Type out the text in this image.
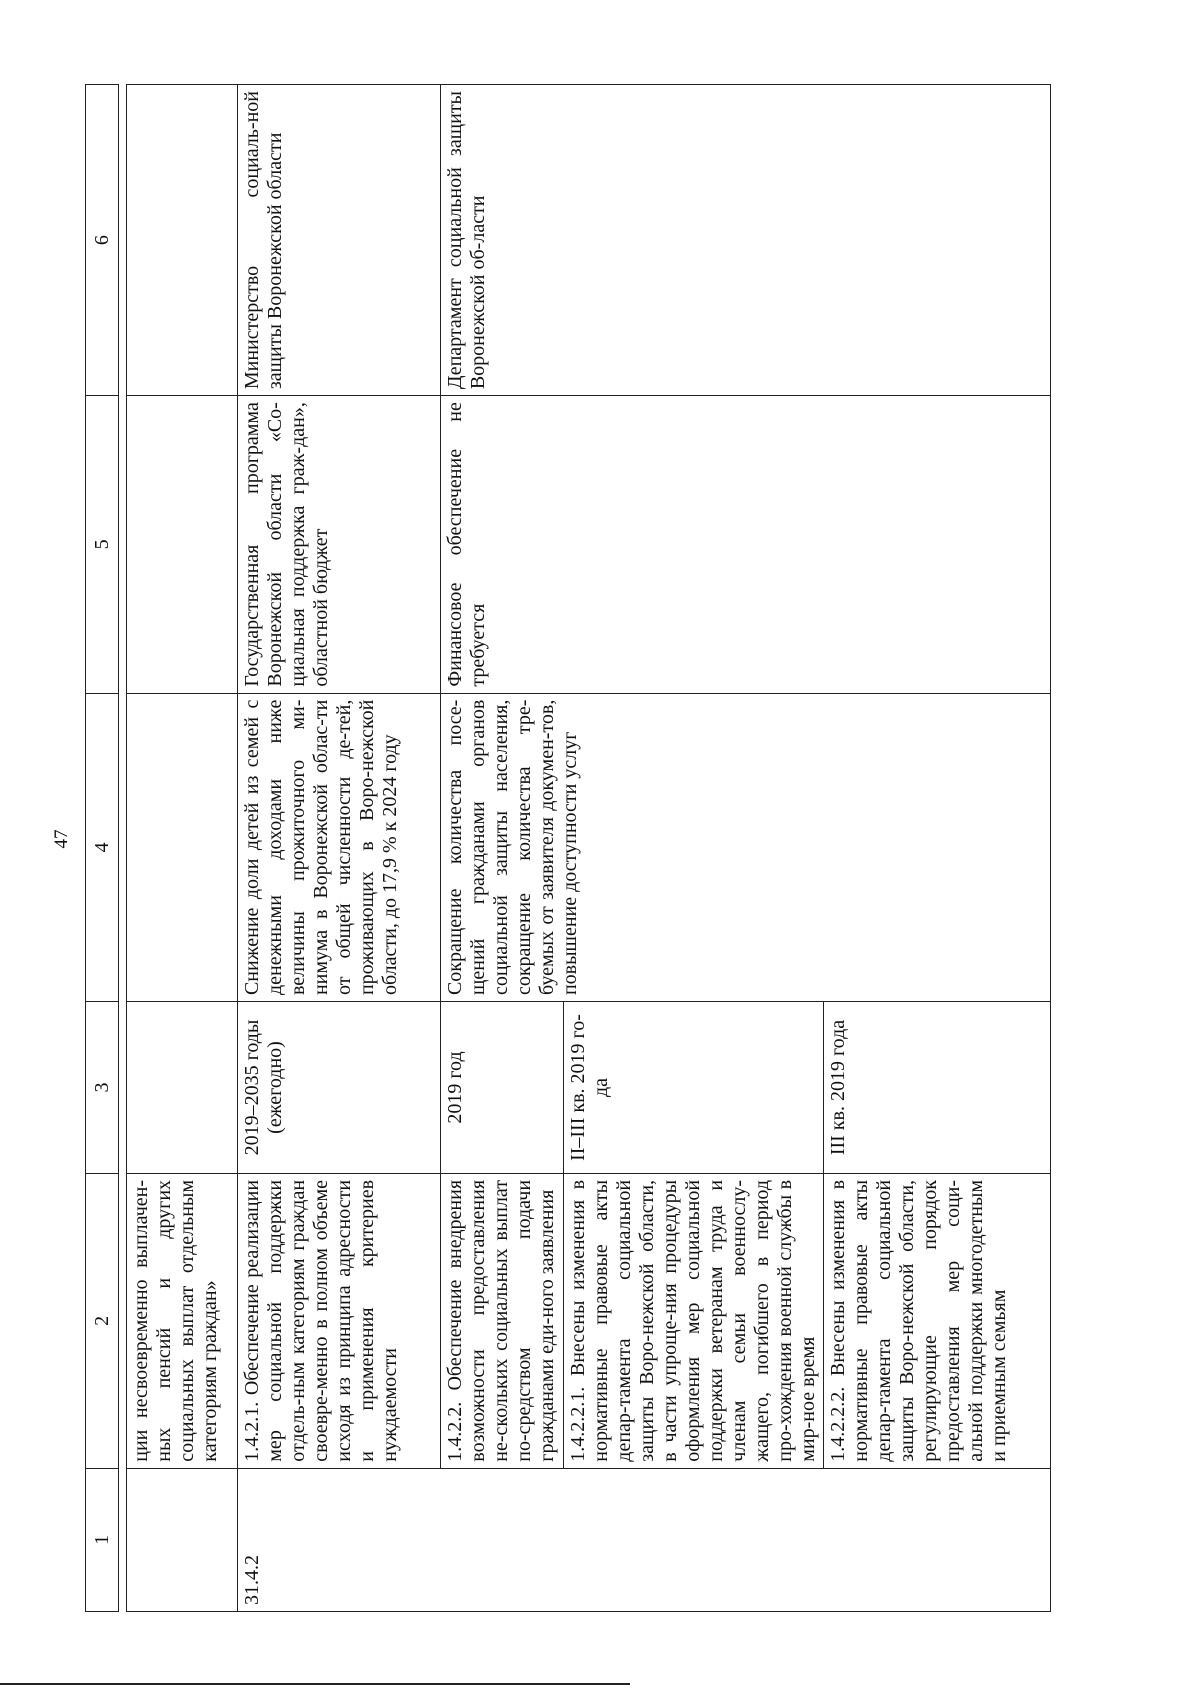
47
1	2	3	4	5	6

	ции несвоевременно выплачен-ных пенсий и других социальных выплат отдельным категориям граждан»				
31.4.2	1.4.2.1. Обеспечение реализации мер социальной поддержки отдель-ным категориям граждан своевре-менно в полном объеме исходя из принципа адресности и применения критериев нуждаемости	2019–2035 годы (ежегодно)	Снижение доли детей из семей с денежными доходами ниже величины прожиточного ми-нимума в Воронежской облас-ти от общей численности де-тей, проживающих в Воро-нежской области, до 17,9 % к 2024 году	Государственная программа Воронежской области «Со-циальная поддержка граж-дан», областной бюджет	Министерство социаль-ной защиты Воронежской области
	1.4.2.2. Обеспечение внедрения возможности предоставления не-скольких социальных выплат по-средством подачи гражданами еди-ного заявления	2019 год	Сокращение количества посе-щений гражданами органов социальной защиты населения, сокращение количества тре-буемых от заявителя докумен-тов, повышение доступности услуг	Финансовое обеспечение не требуется	Департамент социальной защиты Воронежской об-ласти
	1.4.2.2.1. Внесены изменения в нормативные правовые акты депар-тамента социальной защиты Воро-нежской области, в части упроще-ния процедуры оформления мер социальной поддержки ветеранам труда и членам семьи военнослу-жащего, погибшего в период про-хождения военной службы в мир-ное время	II–III кв. 2019 го-да			
	1.4.2.2.2. Внесены изменения в нормативные правовые акты депар-тамента социальной защиты Воро-нежской области, регулирующие порядок предоставления мер соци-альной поддержки многодетным и приемным семьям	III кв. 2019 года			
